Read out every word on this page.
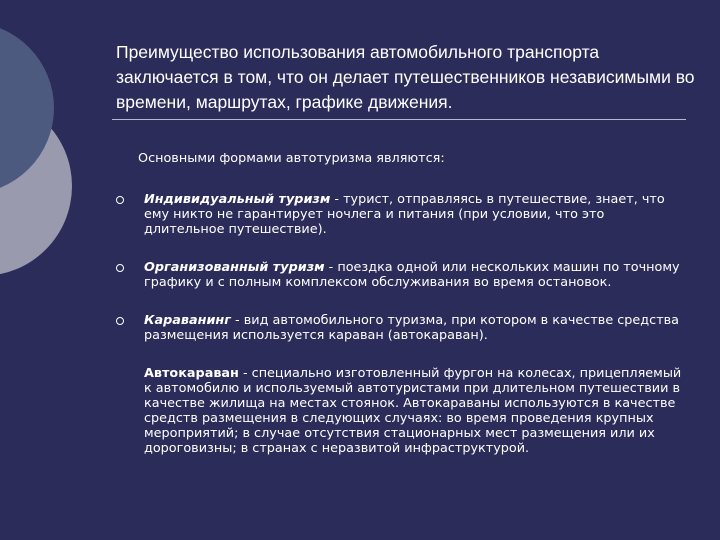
Преимущество использования автомобильного транспорта заключается в том, что он делает путешественников независимыми во времени, маршрутах, графике движения.

Основными формами автотуризма являются:

Индивидуальный туризм - турист, отправляясь в путешествие, знает, что ему никто не гарантирует ночлега и питания (при условии, что это длительное путешествие).
Организованный туризм - поездка одной или нескольких машин по точному графику и с полным комплексом обслуживания во время остановок.
Караванинг - вид автомобильного туризма, при котором в качестве средства размещения используется караван (автокараван).

Автокараван - специально изготовленный фургон на колесах, прицепляемый к автомобилю и используемый автотуристами при длительном путешествии в качестве жилища на местах стоянок. Автокараваны используются в качестве средств размещения в следующих случаях: во время проведения крупных мероприятий; в случае отсутствия стационарных мест размещения или их дороговизны; в странах с неразвитой инфраструктурой.
